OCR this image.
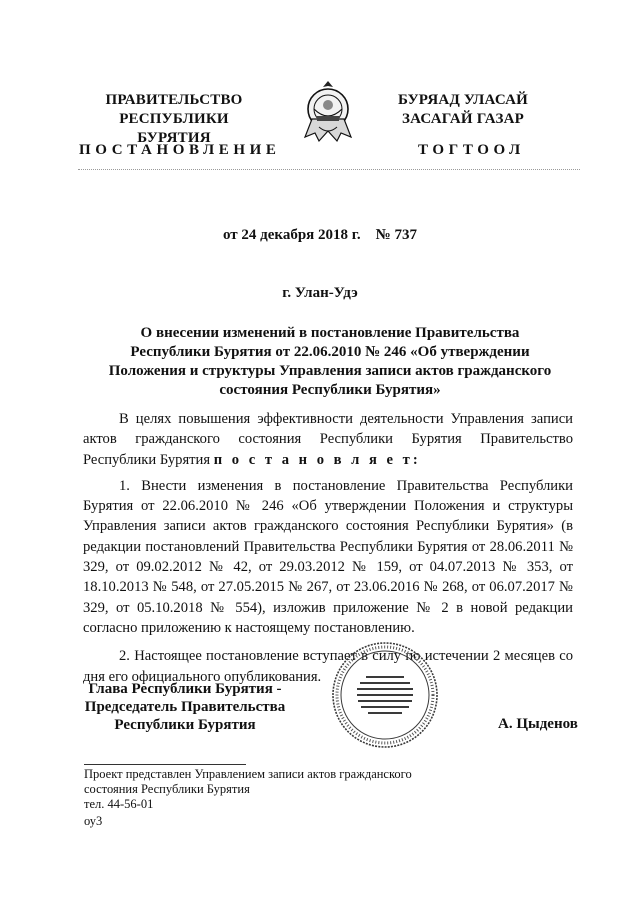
ПРАВИТЕЛЬСТВО
РЕСПУБЛИКИ БУРЯТИЯ
БУРЯАД УЛАСАЙ
ЗАСАГАЙ ГАЗАР
ПОСТАНОВЛЕНИЕ	ТОГТООЛ
от 24 декабря 2018 г.    № 737
г. Улан-Удэ
О внесении изменений в постановление Правительства
Республики Бурятия от 22.06.2010 № 246 «Об утверждении
Положения и структуры Управления записи актов гражданского
состояния Республики Бурятия»

В целях повышения эффективности деятельности Управления записи актов гражданского состояния Республики Бурятия Правительство Республики Бурятия п о с т а н о в л я е т:

1. Внести изменения в постановление Правительства Республики Бурятия от 22.06.2010 № 246 «Об утверждении Положения и структуры Управления записи актов гражданского состояния Республики Бурятия» (в редакции постановлений Правительства Республики Бурятия от 28.06.2011 № 329, от 09.02.2012 № 42, от 29.03.2012 № 159, от 04.07.2013 № 353, от 18.10.2013 № 548, от 27.05.2015 № 267, от 23.06.2016 № 268, от 06.07.2017 № 329, от 05.10.2018 № 554), изложив приложение № 2 в новой редакции согласно приложению к настоящему постановлению.

2. Настоящее постановление вступает в силу по истечении 2 месяцев со дня его официального опубликования.

Глава Республики Бурятия -
Председатель Правительства
Республики Бурятия	А. Цыденов
Проект представлен Управлением записи актов гражданского
состояния Республики Бурятия
тел. 44-56-01
оу3
